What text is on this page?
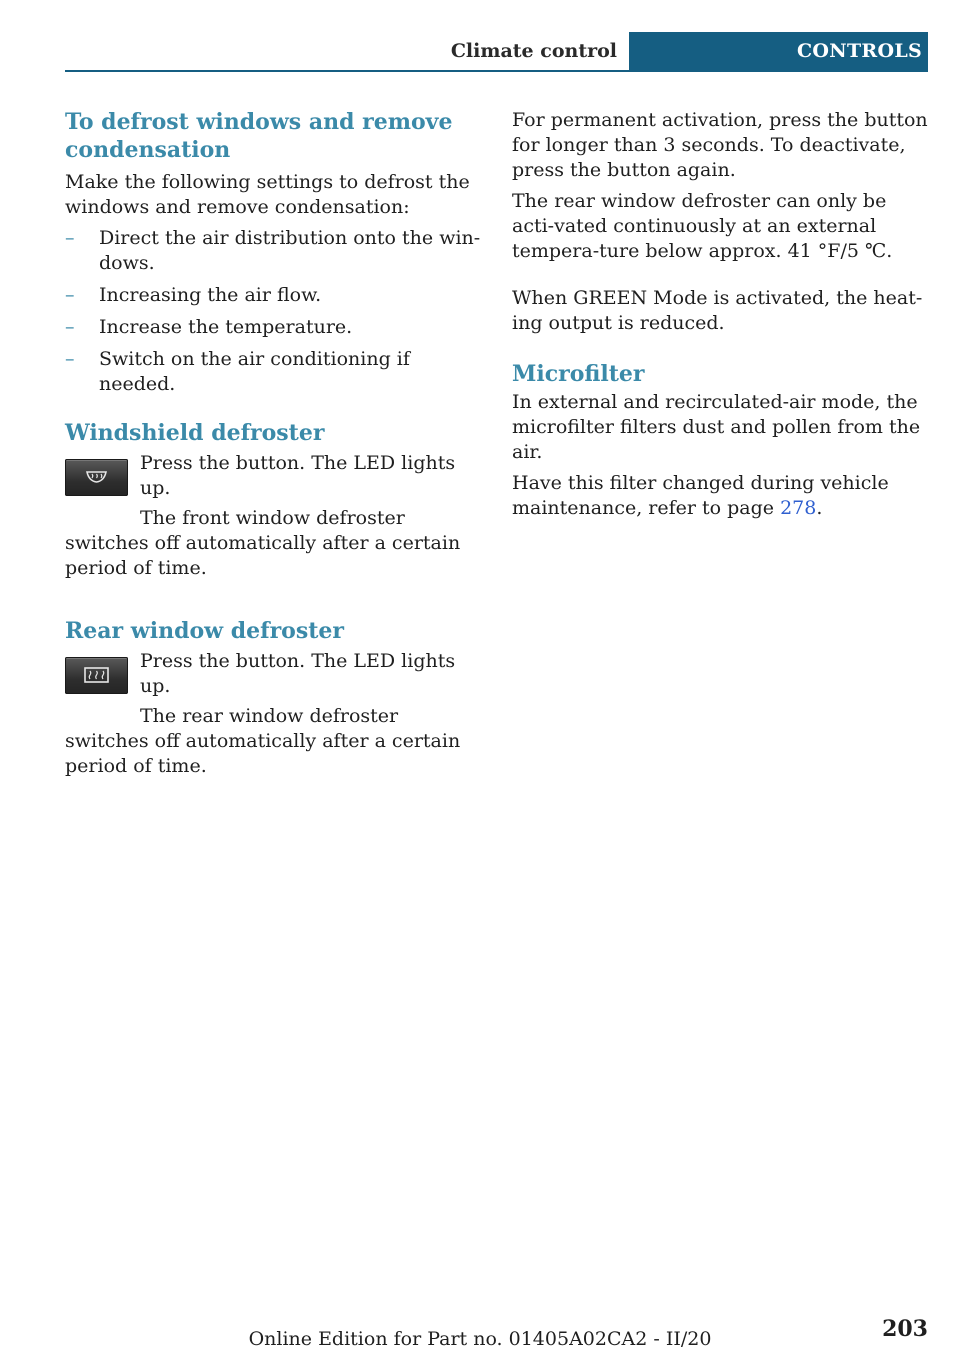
Climate control	CONTROLS
To defrost windows and remove condensation

Make the following settings to defrost the windows and remove condensation:

– Direct the air distribution onto the win‐dows.
– Increasing the air flow.
– Increase the temperature.
– Switch on the air conditioning if needed.
Windshield defroster

Press the button. The LED lights up.

The front window defroster switches off automatically after a certain period of time.

Rear window defroster

Press the button. The LED lights up.

The rear window defroster switches off automatically after a certain period of time.

For permanent activation, press the button for longer than 3 seconds. To deactivate, press the button again.

The rear window defroster can only be acti‐vated continuously at an external tempera‐ture below approx. 41 °F/5 ℃.

When GREEN Mode is activated, the heat‐ing output is reduced.

Microfilter

In external and recirculated-air mode, the microfilter filters dust and pollen from the air.

Have this filter changed during vehicle maintenance, refer to page 278.

203
Online Edition for Part no. 01405A02CA2 - II/20
